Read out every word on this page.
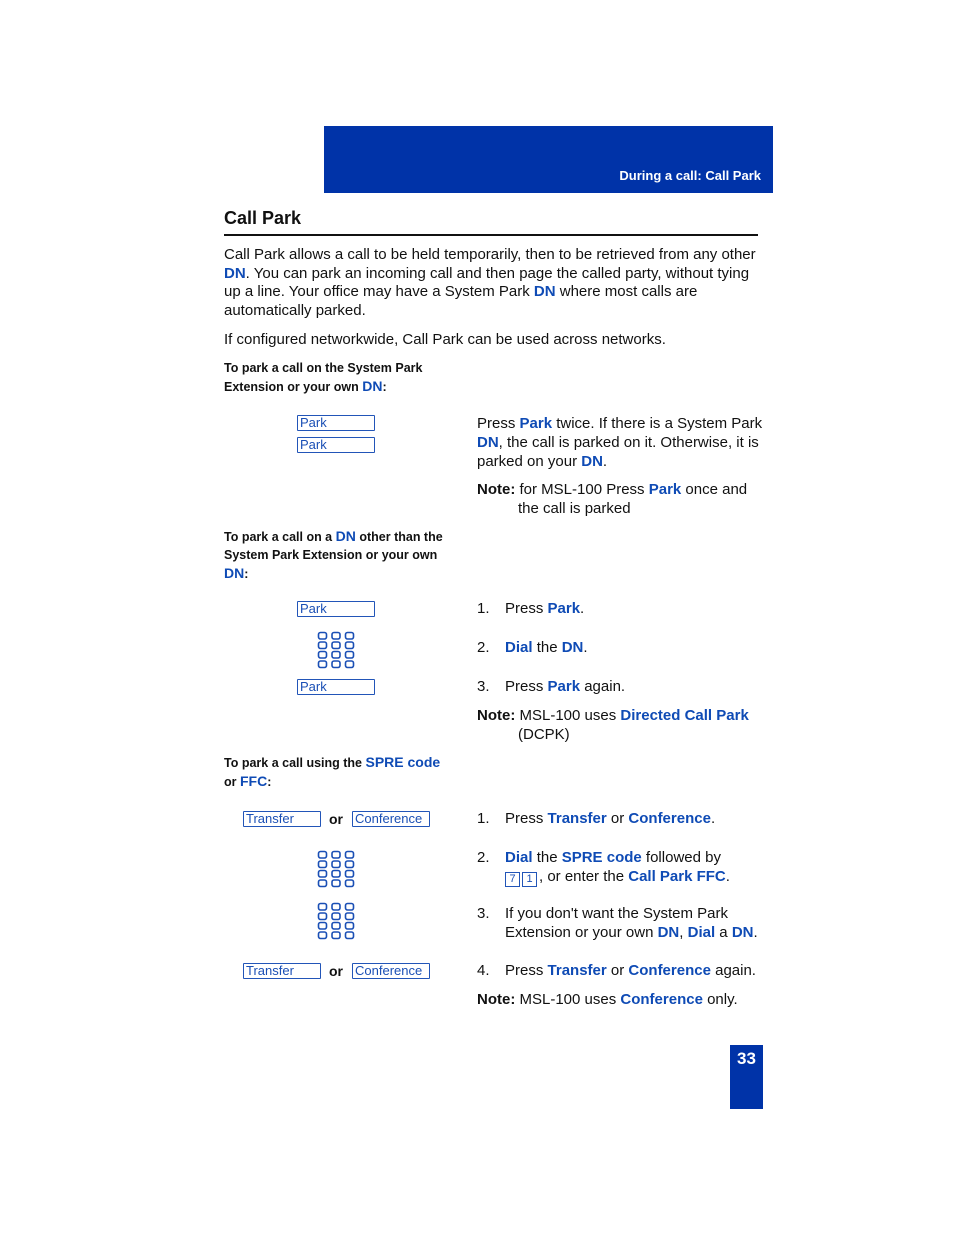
During a call: Call Park
Call Park
Call Park allows a call to be held temporarily, then to be retrieved from any other
DN. You can park an incoming call and then page the called party, without tying
up a line. Your office may have a System Park DN where most calls are
automatically parked.
If configured networkwide, Call Park can be used across networks.
To park a call on the System Park
Extension or your own DN:
Park
Park
Press Park twice. If there is a System Park
DN, the call is parked on it. Otherwise, it is
parked on your DN.
Note: for MSL-100 Press Park once and
the call is parked
To park a call on a DN other than the
System Park Extension or your own
DN:
Park
Park
1. Press Park.
2. Dial the DN.
3. Press Park again.
Note: MSL-100 uses Directed Call Park
(DCPK)
To park a call using the SPRE code
or FFC:
Transfer	or Conference
Transfer	or Conference
1. Press Transfer or Conference.
2. Dial the SPRE code followed by
7 1 , or enter the Call Park FFC.
3. If you don't want the System Park
Extension or your own DN, Dial a DN.
4. Press Transfer or Conference again.
Note: MSL-100 uses Conference only.
33
